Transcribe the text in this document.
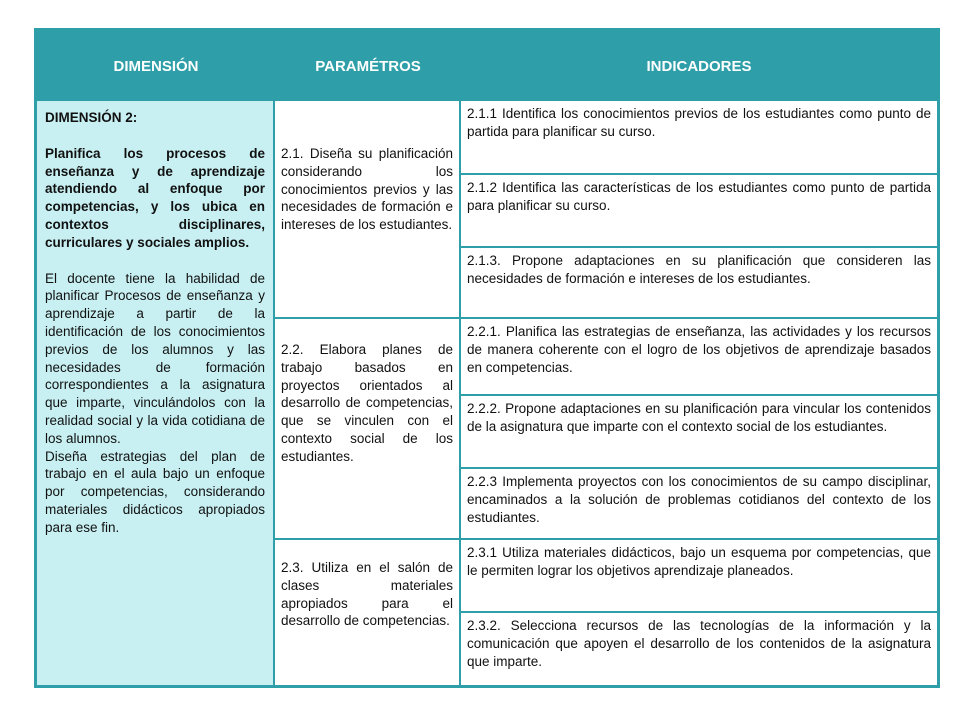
DIMENSIÓN	PARAMÉTROS	INDICADORES
DIMENSIÓN 2:
Planifica los procesos de enseñanza y de aprendizaje atendiendo al enfoque por competencias, y los ubica en contextos disciplinares, curriculares y sociales amplios.

El docente tiene la habilidad de planificar Procesos de enseñanza y aprendizaje a partir de la identificación de los conocimientos previos de los alumnos y las necesidades de formación correspondientes a la asignatura que imparte, vinculándolos con la realidad social y la vida cotidiana de los alumnos.

Diseña estrategias del plan de trabajo en el aula bajo un enfoque por competencias, considerando materiales didácticos apropiados para ese fin.

2.1. Diseña su planificación considerando los conocimientos previos y las necesidades de formación e intereses de los estudiantes.
2.2. Elabora planes de trabajo basados en proyectos orientados al desarrollo de competencias, que se vinculen con el contexto social de los estudiantes.
2.3. Utiliza en el salón de clases materiales apropiados para el desarrollo de competencias.
2.1.1 Identifica los conocimientos previos de los estudiantes como punto de partida para planificar su curso.
2.1.2 Identifica las características de los estudiantes como punto de partida para planificar su curso.
2.1.3. Propone adaptaciones en su planificación que consideren las necesidades de formación e intereses de los estudiantes.
2.2.1. Planifica las estrategias de enseñanza, las actividades y los recursos de manera coherente con el logro de los objetivos de aprendizaje basados en competencias.
2.2.2. Propone adaptaciones en su planificación para vincular los contenidos de la asignatura que imparte con el contexto social de los estudiantes.
2.2.3 Implementa proyectos con los conocimientos de su campo disciplinar, encaminados a la solución de problemas cotidianos del contexto de los estudiantes.
2.3.1 Utiliza materiales didácticos, bajo un esquema por competencias, que le permiten lograr los objetivos aprendizaje planeados.
2.3.2. Selecciona recursos de las tecnologías de la información y la comunicación que apoyen el desarrollo de los contenidos de la asignatura que imparte.
